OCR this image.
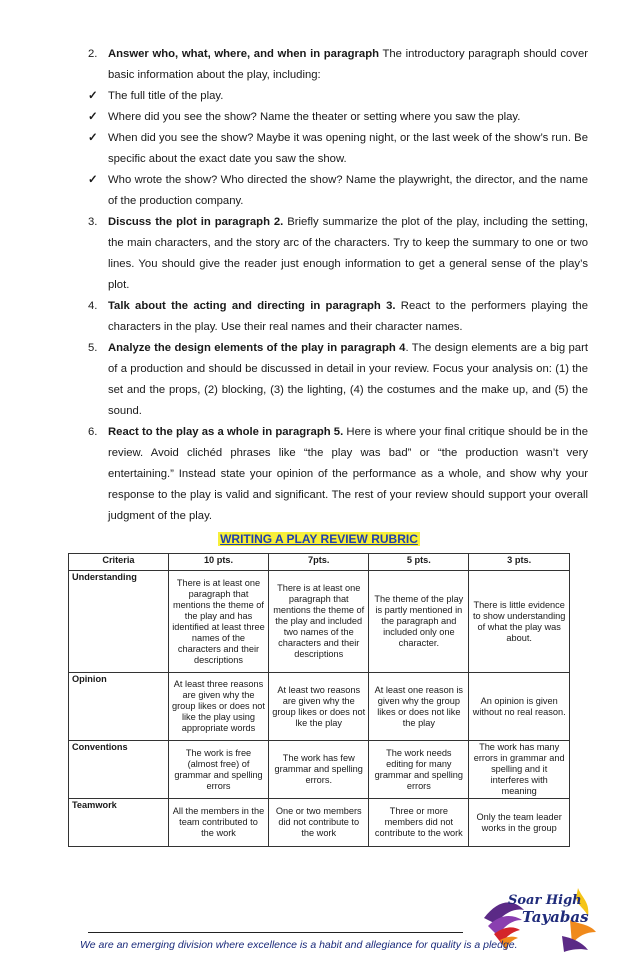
2. Answer who, what, where, and when in paragraph The introductory paragraph should cover basic information about the play, including:
✓ The full title of the play.
✓ Where did you see the show? Name the theater or setting where you saw the play.
✓ When did you see the show? Maybe it was opening night, or the last week of the show’s run. Be specific about the exact date you saw the show.
✓ Who wrote the show? Who directed the show? Name the playwright, the director, and the name of the production company.
3. Discuss the plot in paragraph 2. Briefly summarize the plot of the play, including the setting, the main characters, and the story arc of the characters. Try to keep the summary to one or two lines. You should give the reader just enough information to get a general sense of the play’s plot.
4. Talk about the acting and directing in paragraph 3. React to the performers playing the characters in the play. Use their real names and their character names.
5. Analyze the design elements of the play in paragraph 4. The design elements are a big part of a production and should be discussed in detail in your review. Focus your analysis on: (1) the set and the props, (2) blocking, (3) the lighting, (4) the costumes and the make up, and (5) the sound.
6. React to the play as a whole in paragraph 5. Here is where your final critique should be in the review. Avoid clichéd phrases like “the play was bad” or “the production wasn’t very entertaining.” Instead state your opinion of the performance as a whole, and show why your response to the play is valid and significant. The rest of your review should support your overall judgment of the play.
WRITING A PLAY REVIEW RUBRIC
Criteria	10 pts.	7pts.	5 pts.	3 pts.
Understanding	There is at least one paragraph that mentions the theme of the play and has identified at least three names of the characters and their descriptions	There is at least one paragraph that mentions the theme of the play and included two names of the characters and their descriptions	The theme of the play is partly mentioned in the paragraph and included only one character.	There is little evidence to show understanding of what the play was about.
Opinion	At least three reasons are given why the group likes or does not like the play using appropriate words	At least two reasons are given why the group likes or does not lke the play	At least one reason is given why the group likes or does not like the play	An opinion is given without no real reason.
Conventions	The work is free (almost free) of grammar and spelling errors	The work has few grammar and spelling errors.	The work needs editing for many grammar and spelling errors	The work has many errors in grammar and spelling and it interferes with meaning
Teamwork	All the members in the team contributed to the work	One or two members did not contribute to the work	Three or more members did not contribute to the work	Only the team leader works in the group
Soar High
Tayabas
We are an emerging division where excellence is a habit and allegiance for quality is a pledge.
